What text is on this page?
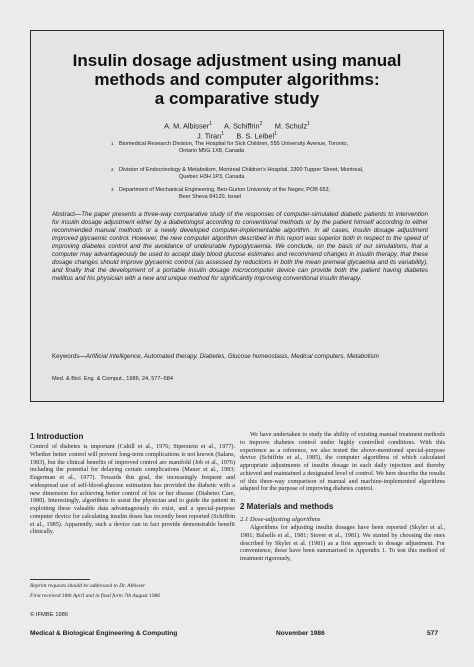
Insulin dosage adjustment using manual
methods and computer algorithms:
a comparative study
A. M. Albisser$^1$ A. Schiffrin$^2$ M. Schulz$^1$
J. Tiran$^1$ B. S. Leibel$^1$
1 Biomedical Research Division, The Hospital for Sick Children, 555 University Avenue, Toronto,
Ontario M5G 1X8, Canada
2 Division of Endocrinology & Metabolism, Montreal Children's Hospital, 2300 Tupper Street, Montreal,
Quebec H3H 1P3, Canada
3 Department of Mechanical Engineering, Ben-Gurion University of the Negev, POB 653,
Beer Sheva 84120, Israel
Abstract—The paper presents a three-way comparative study of the responses of computer-simulated diabetic patients to intervention for insulin dosage adjustment either by a diabetologist according to conventional methods or by the patient himself according to either recommended manual methods or a newly developed computer-implementable algorithm. In all cases, insulin dosage adjustment improved glycaemic control. However, the new computer algorithm described in this report was superior both in respect to the speed of improving diabetes control and the avoidance of undesirable hypoglycaemia. We conclude, on the basis of our simulations, that a computer may advantageously be used to accept daily blood glucose estimates and recommend changes in insulin therapy, that these dosage changes should improve glycaemic control (as assessed by reductions in both the mean premeal glycaemia and its variability), and finally that the development of a portable insulin dosage microcomputer device can provide both the patient having diabetes mellitus and his physician with a new and unique method for significantly improving conventional insulin therapy.
Keywords—Artificial intelligence, Automated therapy, Diabetes, Glucose homeostasis, Medical computers, Metabolism
Med. & Biol. Eng. & Comput., 1986, 24, 577–584
1 Introduction
Control of diabetes is important (Cahill et al., 1976; Siperstein et al., 1977). Whether better control will prevent long-term complications is not known (Salans, 1983), but the clinical benefits of improved control are manifold (Job et al., 1976) including the potential for delaying certain complications (Mauer et al., 1983; Engerman et al., 1977). Towards this goal, the increasingly frequent and widespread use of self-blood-glucose estimation has provided the diabetic with a new dimension for achieving better control of his or her disease (Diabetes Care, 1980). Interestingly, algorithms to assist the physician and to guide the patient in exploiting these valuable data advantageously do exist, and a special-purpose computer device for calculating insulin doses has recently been reported (Schiffrin et al., 1985). Apparently, such a device can in fact provide demonstrable benefit clinically.
Reprint requests should be addressed to Dr. Albisser
First received 18th April and in final form 7th August 1986
© IFMBE 1986
We have undertaken to study the ability of existing manual treatment methods to improve diabetes control under highly controlled conditions. With this experience as a reference, we also tested the above-mentioned special-purpose device (Schiffrin et al., 1985), the computer algorithms of which calculated appropriate adjustments of insulin dosage in each daily injection and thereby achieved and maintained a designated level of control. We here describe the results of this three-way comparison of manual and machine-implemented algorithms adapted for the purpose of improving diabetes control.
2 Materials and methods
2.1 Dose-adjusting algorithms
Algorithms for adjusting insulin dosages have been reported (Skyler et al., 1981; Balsells et al., 1981; Stover et al., 1981). We started by choosing the ones described by Skyler et al. (1981) as a first approach to dosage adjustment. For convenience, these have been summarised in Appendix 1. To test this method of treatment rigorously,
Medical & Biological Engineering & Computing	November 1986	577
